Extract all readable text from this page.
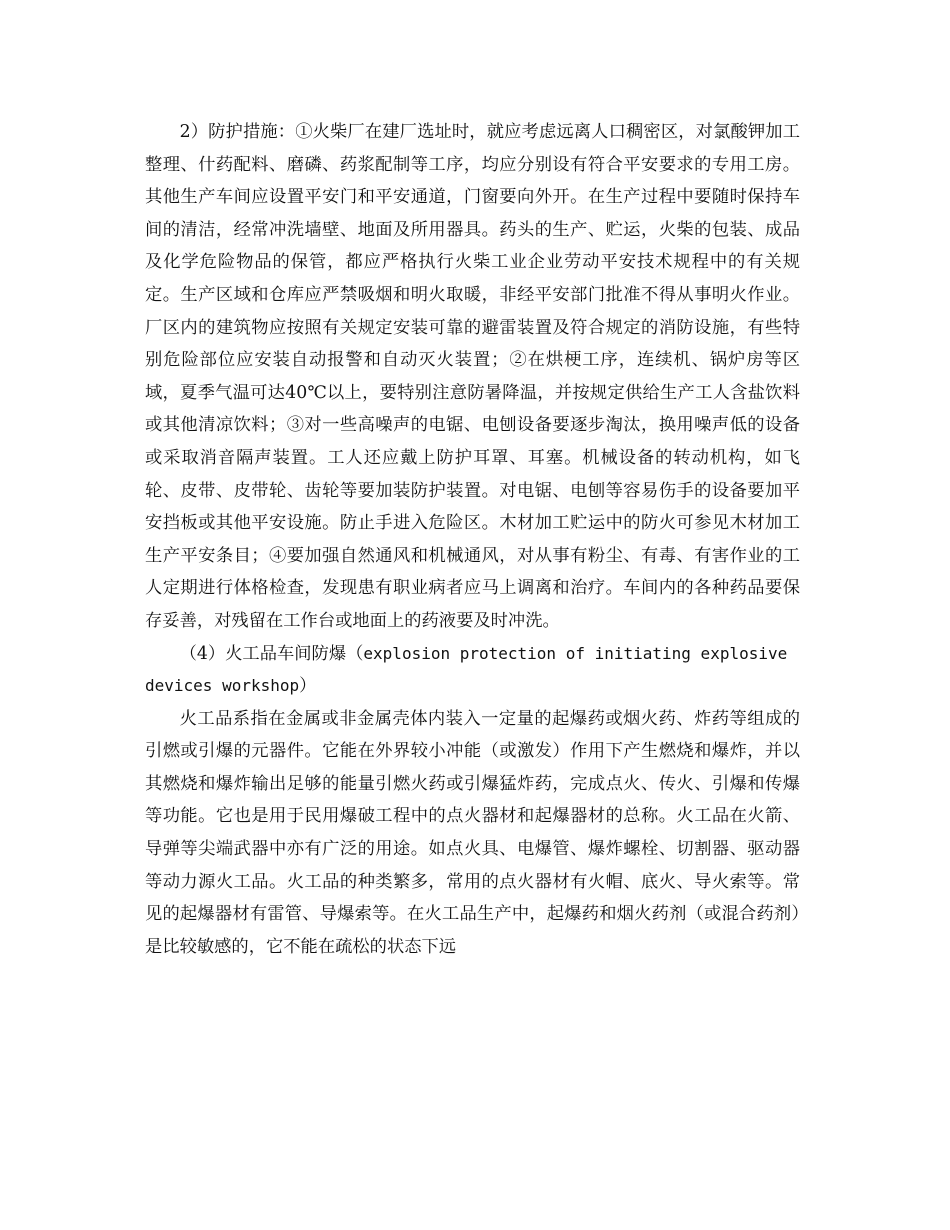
2）防护措施：①火柴厂在建厂选址时，就应考虑远离人口稠密区，对氯酸钾加工整理、什药配料、磨磷、药浆配制等工序，均应分别设有符合平安要求的专用工房。其他生产车间应设置平安门和平安通道，门窗要向外开。在生产过程中要随时保持车间的清洁，经常冲洗墙壁、地面及所用器具。药头的生产、贮运，火柴的包装、成品及化学危险物品的保管，都应严格执行火柴工业企业劳动平安技术规程中的有关规定。生产区域和仓库应严禁吸烟和明火取暖，非经平安部门批准不得从事明火作业。厂区内的建筑物应按照有关规定安装可靠的避雷装置及符合规定的消防设施，有些特别危险部位应安装自动报警和自动灭火装置；②在烘梗工序，连续机、锅炉房等区域，夏季气温可达40℃以上，要特别注意防暑降温，并按规定供给生产工人含盐饮料或其他清凉饮料；③对一些高噪声的电锯、电刨设备要逐步淘汰，换用噪声低的设备或采取消音隔声装置。工人还应戴上防护耳罩、耳塞。机械设备的转动机构，如飞轮、皮带、皮带轮、齿轮等要加装防护装置。对电锯、电刨等容易伤手的设备要加平安挡板或其他平安设施。防止手进入危险区。木材加工贮运中的防火可参见木材加工生产平安条目；④要加强自然通风和机械通风，对从事有粉尘、有毒、有害作业的工人定期进行体格检查，发现患有职业病者应马上调离和治疗。车间内的各种药品要保存妥善，对残留在工作台或地面上的药液要及时冲洗。

（4）火工品车间防爆（explosion protection of initiating explosive devices workshop）

火工品系指在金属或非金属壳体内装入一定量的起爆药或烟火药、炸药等组成的引燃或引爆的元器件。它能在外界较小冲能（或激发）作用下产生燃烧和爆炸，并以其燃烧和爆炸输出足够的能量引燃火药或引爆猛炸药，完成点火、传火、引爆和传爆等功能。它也是用于民用爆破工程中的点火器材和起爆器材的总称。火工品在火箭、导弹等尖端武器中亦有广泛的用途。如点火具、电爆管、爆炸螺栓、切割器、驱动器等动力源火工品。火工品的种类繁多，常用的点火器材有火帽、底火、导火索等。常见的起爆器材有雷管、导爆索等。在火工品生产中，起爆药和烟火药剂（或混合药剂）是比较敏感的，它不能在疏松的状态下远
